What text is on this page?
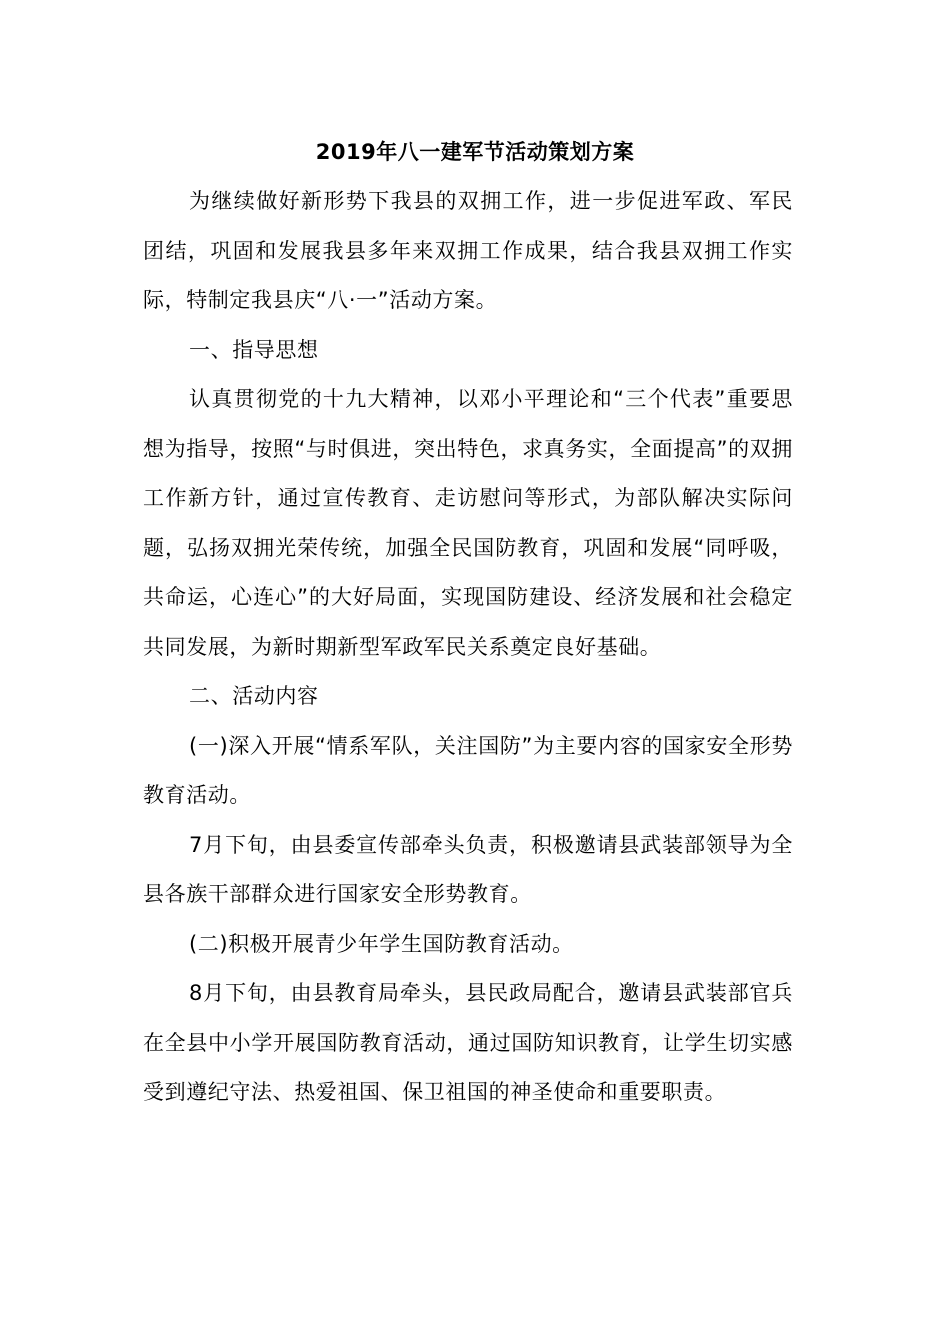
2019年八一建军节活动策划方案

为继续做好新形势下我县的双拥工作，进一步促进军政、军民团结，巩固和发展我县多年来双拥工作成果，结合我县双拥工作实际，特制定我县庆“八·一”活动方案。

一、指导思想

认真贯彻党的十九大精神，以邓小平理论和“三个代表”重要思想为指导，按照“与时俱进，突出特色，求真务实，全面提高”的双拥工作新方针，通过宣传教育、走访慰问等形式，为部队解决实际问题，弘扬双拥光荣传统，加强全民国防教育，巩固和发展“同呼吸，共命运，心连心”的大好局面，实现国防建设、经济发展和社会稳定共同发展，为新时期新型军政军民关系奠定良好基础。

二、活动内容

(一)深入开展“情系军队，关注国防”为主要内容的国家安全形势教育活动。

7月下旬，由县委宣传部牵头负责，积极邀请县武装部领导为全县各族干部群众进行国家安全形势教育。

(二)积极开展青少年学生国防教育活动。

8月下旬，由县教育局牵头，县民政局配合，邀请县武装部官兵在全县中小学开展国防教育活动，通过国防知识教育，让学生切实感受到遵纪守法、热爱祖国、保卫祖国的神圣使命和重要职责。
